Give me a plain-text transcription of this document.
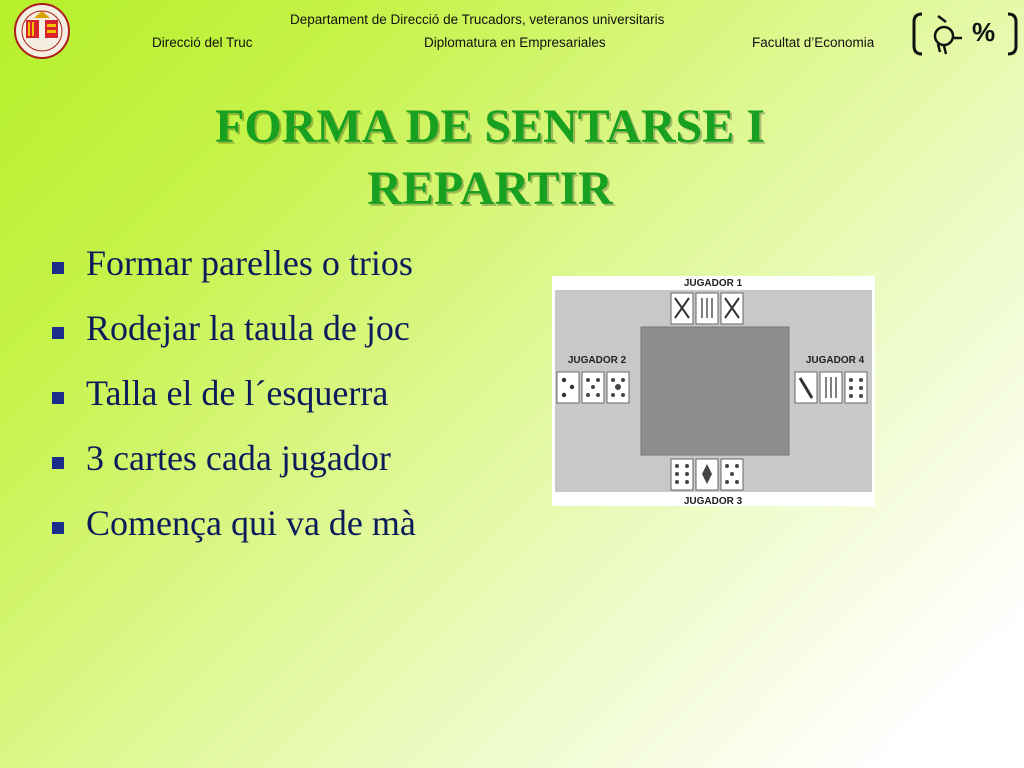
Departament de Direcció de Trucadors, veteranos universitaris
Direcció del Truc	Diplomatura en Empresariales	Facultat d’Economia	%
FORMA DE SENTARSE I
REPARTIR
Formar parelles o trios
Rodejar la taula de joc
Talla el de l´esquerra
3 cartes cada jugador
Comença qui va de mà
JUGADOR 1
JUGADOR 2
JUGADOR 3
JUGADOR 4
